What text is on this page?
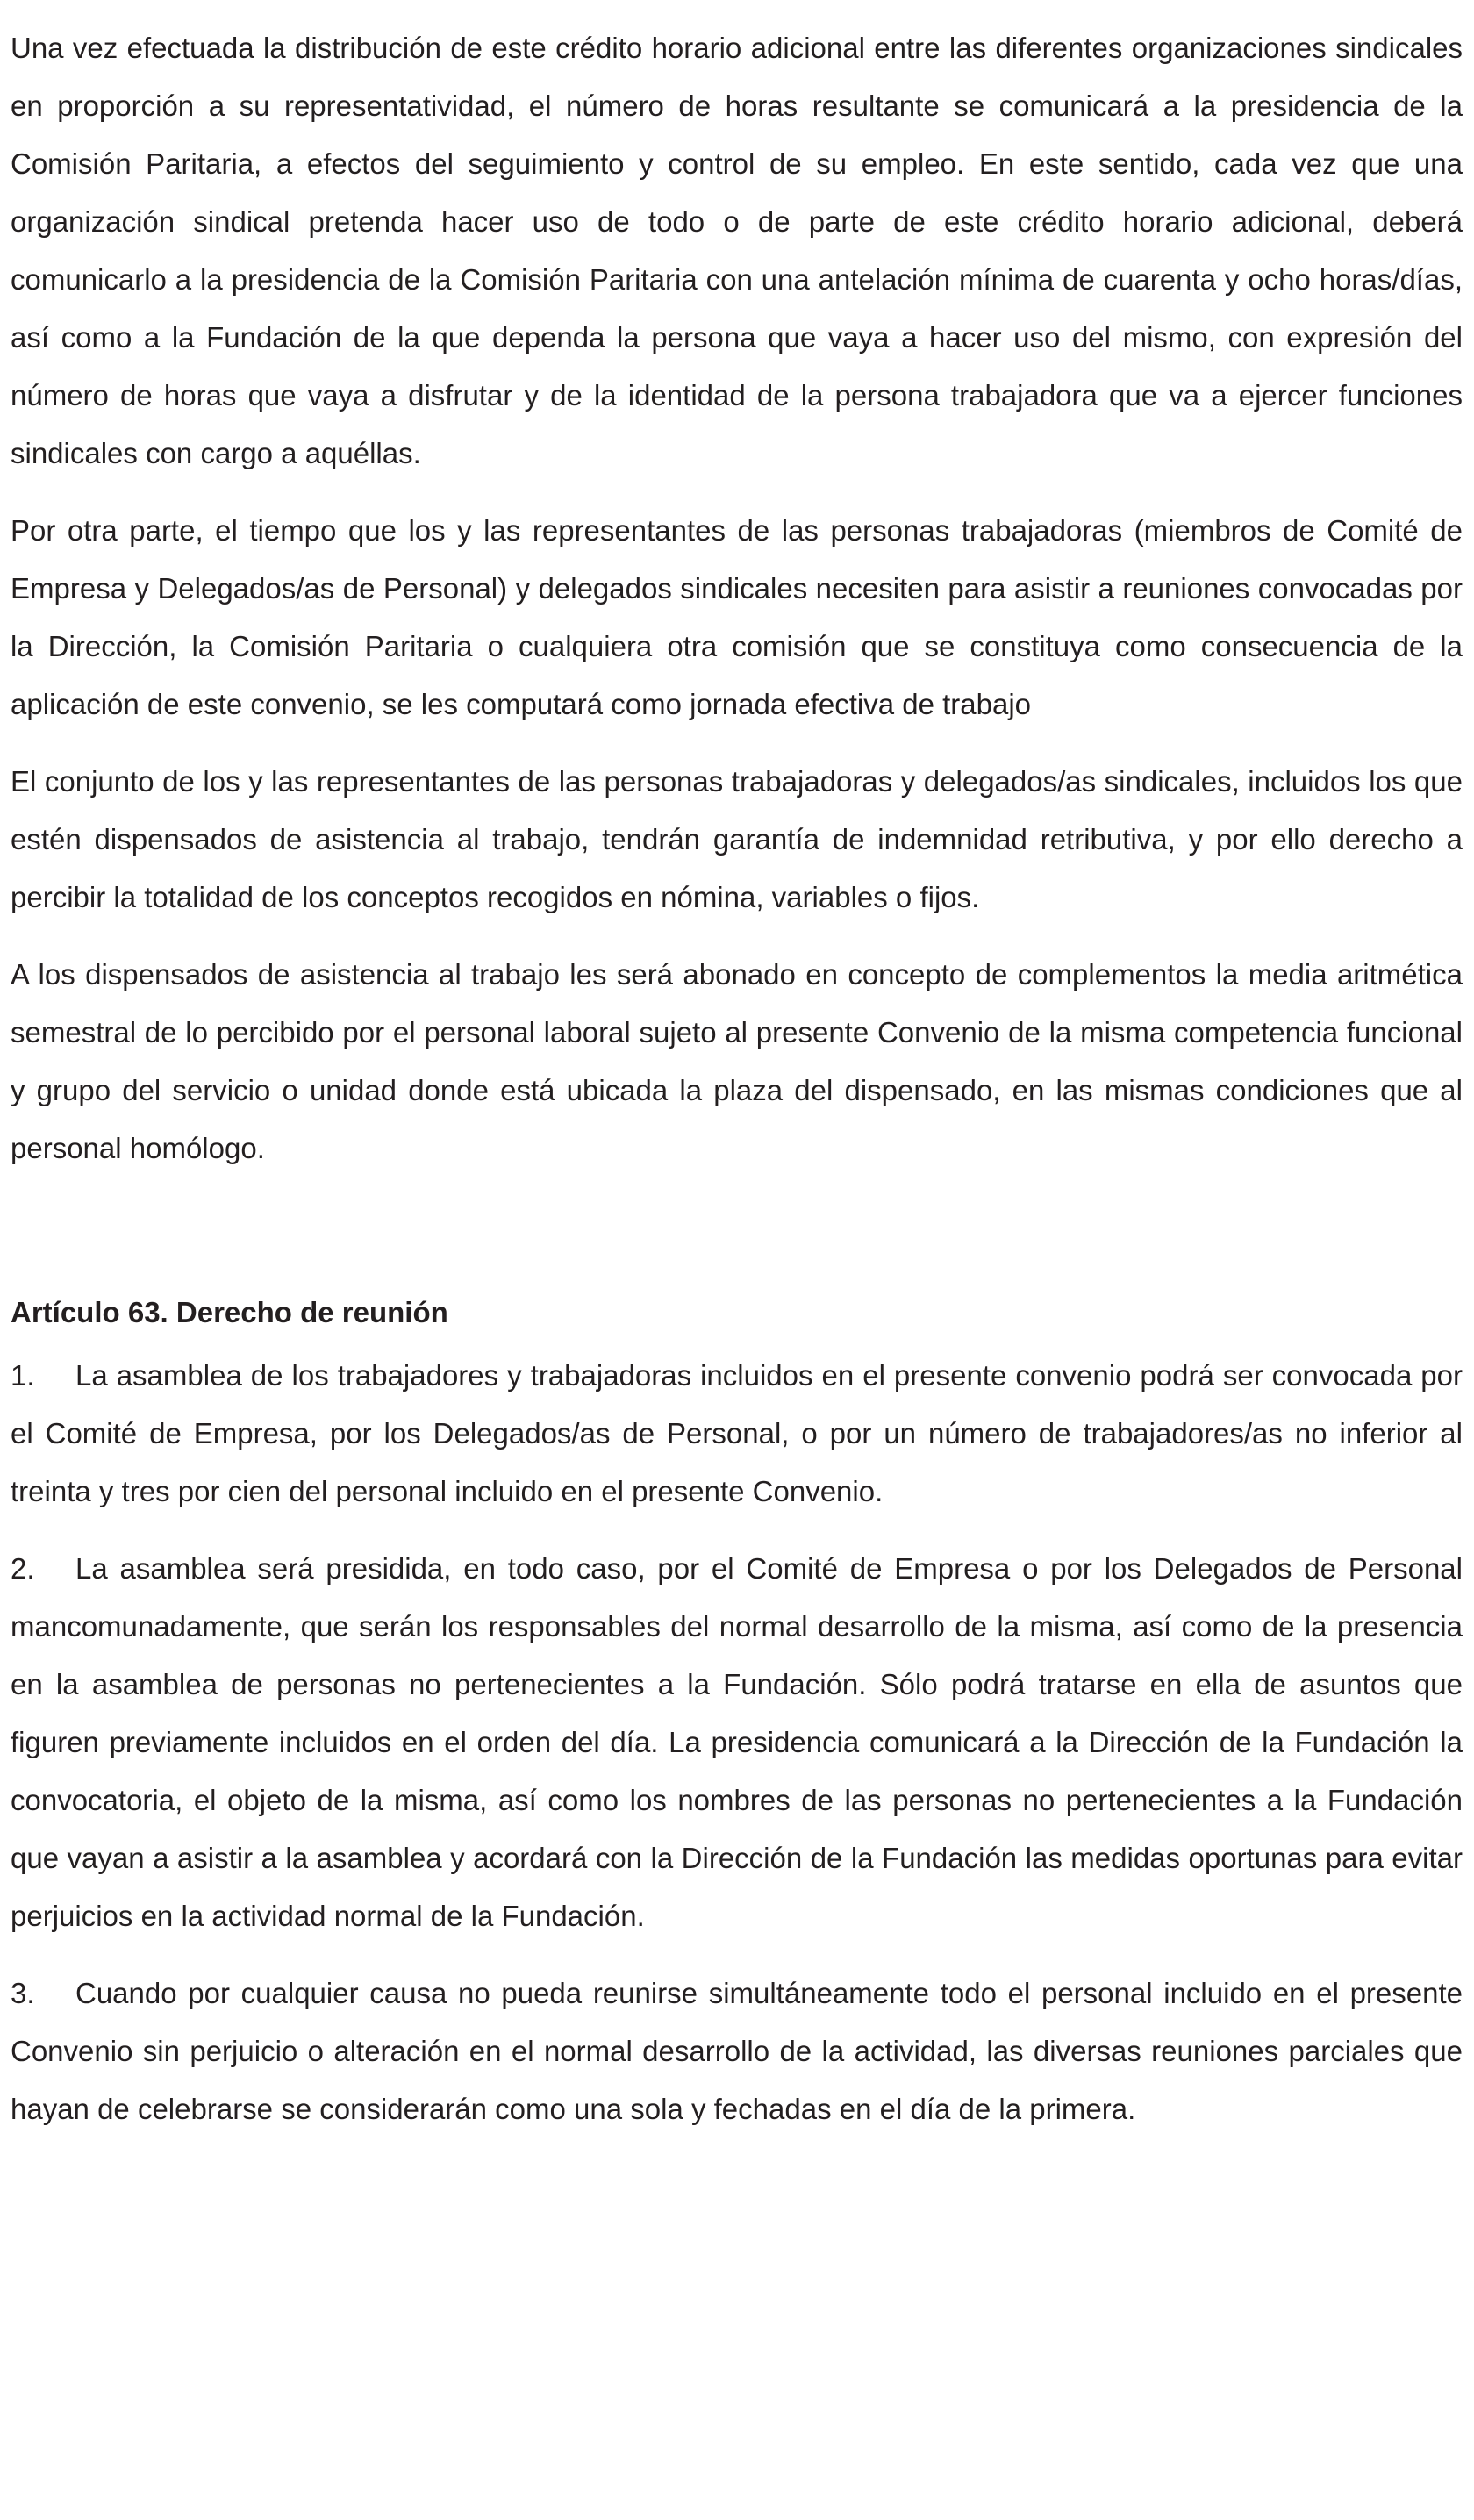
Una vez efectuada la distribución de este crédito horario adicional entre las diferentes organizaciones sindicales en proporción a su representatividad, el número de horas resultante se comunicará a la presidencia de la Comisión Paritaria, a efectos del seguimiento y control de su empleo. En este sentido, cada vez que una organización sindical pretenda hacer uso de todo o de parte de este crédito horario adicional, deberá comunicarlo a la presidencia de la Comisión Paritaria con una antelación mínima de cuarenta y ocho horas/días, así como a la Fundación de la que dependa la persona que vaya a hacer uso del mismo, con expresión del número de horas que vaya a disfrutar y de la identidad de la persona trabajadora que va a ejercer funciones sindicales con cargo a aquéllas.

Por otra parte, el tiempo que los y las representantes de las personas trabajadoras (miembros de Comité de Empresa y Delegados/as de Personal) y delegados sindicales necesiten para asistir a reuniones convocadas por la Dirección, la Comisión Paritaria o cualquiera otra comisión que se constituya como consecuencia de la aplicación de este convenio, se les computará como jornada efectiva de trabajo

El conjunto de los y las representantes de las personas trabajadoras y delegados/as sindicales, incluidos los que estén dispensados de asistencia al trabajo, tendrán garantía de indemnidad retributiva, y por ello derecho a percibir la totalidad de los conceptos recogidos en nómina, variables o fijos.

A los dispensados de asistencia al trabajo les será abonado en concepto de complementos la media aritmética semestral de lo percibido por el personal laboral sujeto al presente Convenio de la misma competencia funcional y grupo del servicio o unidad donde está ubicada la plaza del dispensado, en las mismas condiciones que al personal homólogo.

Artículo 63. Derecho de reunión

1. La asamblea de los trabajadores y trabajadoras incluidos en el presente convenio podrá ser convocada por el Comité de Empresa, por los Delegados/as de Personal, o por un número de trabajadores/as no inferior al treinta y tres por cien del personal incluido en el presente Convenio.

2. La asamblea será presidida, en todo caso, por el Comité de Empresa o por los Delegados de Personal mancomunadamente, que serán los responsables del normal desarrollo de la misma, así como de la presencia en la asamblea de personas no pertenecientes a la Fundación. Sólo podrá tratarse en ella de asuntos que figuren previamente incluidos en el orden del día. La presidencia comunicará a la Dirección de la Fundación la convocatoria, el objeto de la misma, así como los nombres de las personas no pertenecientes a la Fundación que vayan a asistir a la asamblea y acordará con la Dirección de la Fundación las medidas oportunas para evitar perjuicios en la actividad normal de la Fundación.

3. Cuando por cualquier causa no pueda reunirse simultáneamente todo el personal incluido en el presente Convenio sin perjuicio o alteración en el normal desarrollo de la actividad, las diversas reuniones parciales que hayan de celebrarse se considerarán como una sola y fechadas en el día de la primera.
